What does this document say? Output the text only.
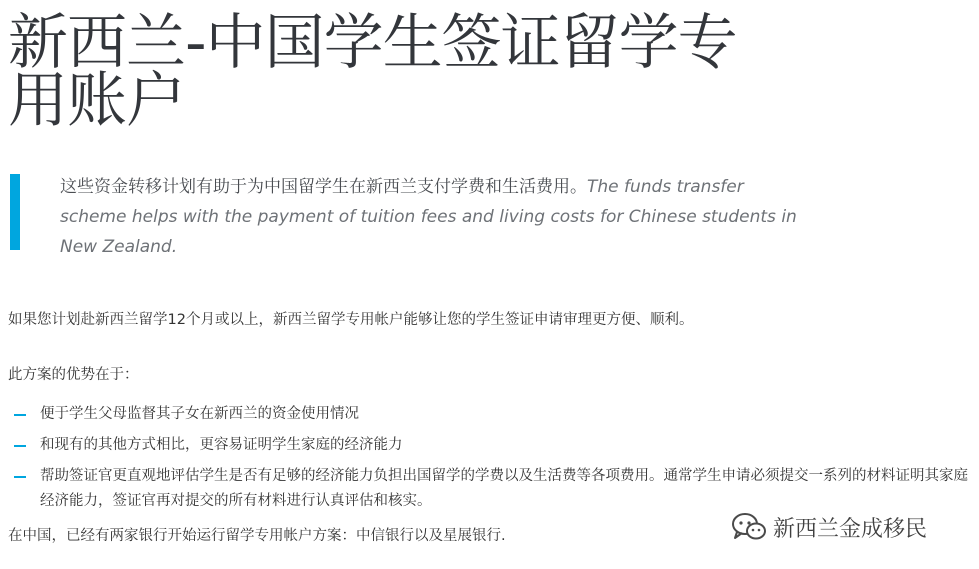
新西兰-中国学生签证留学专用账户
这些资金转移计划有助于为中国留学生在新西兰支付学费和生活费用。The funds transfer scheme helps with the payment of tuition fees and living costs for Chinese students in New Zealand.

如果您计划赴新西兰留学12个月或以上，新西兰留学专用帐户能够让您的学生签证申请审理更方便、顺利。

此方案的优势在于：

便于学生父母监督其子女在新西兰的资金使用情况
和现有的其他方式相比，更容易证明学生家庭的经济能力
帮助签证官更直观地评估学生是否有足够的经济能力负担出国留学的学费以及生活费等各项费用。通常学生申请必须提交一系列的材料证明其家庭经济能力，签证官再对提交的所有材料进行认真评估和核实。

在中国，已经有两家银行开始运行留学专用帐户方案：中信银行以及星展银行.	新西兰金成移民
